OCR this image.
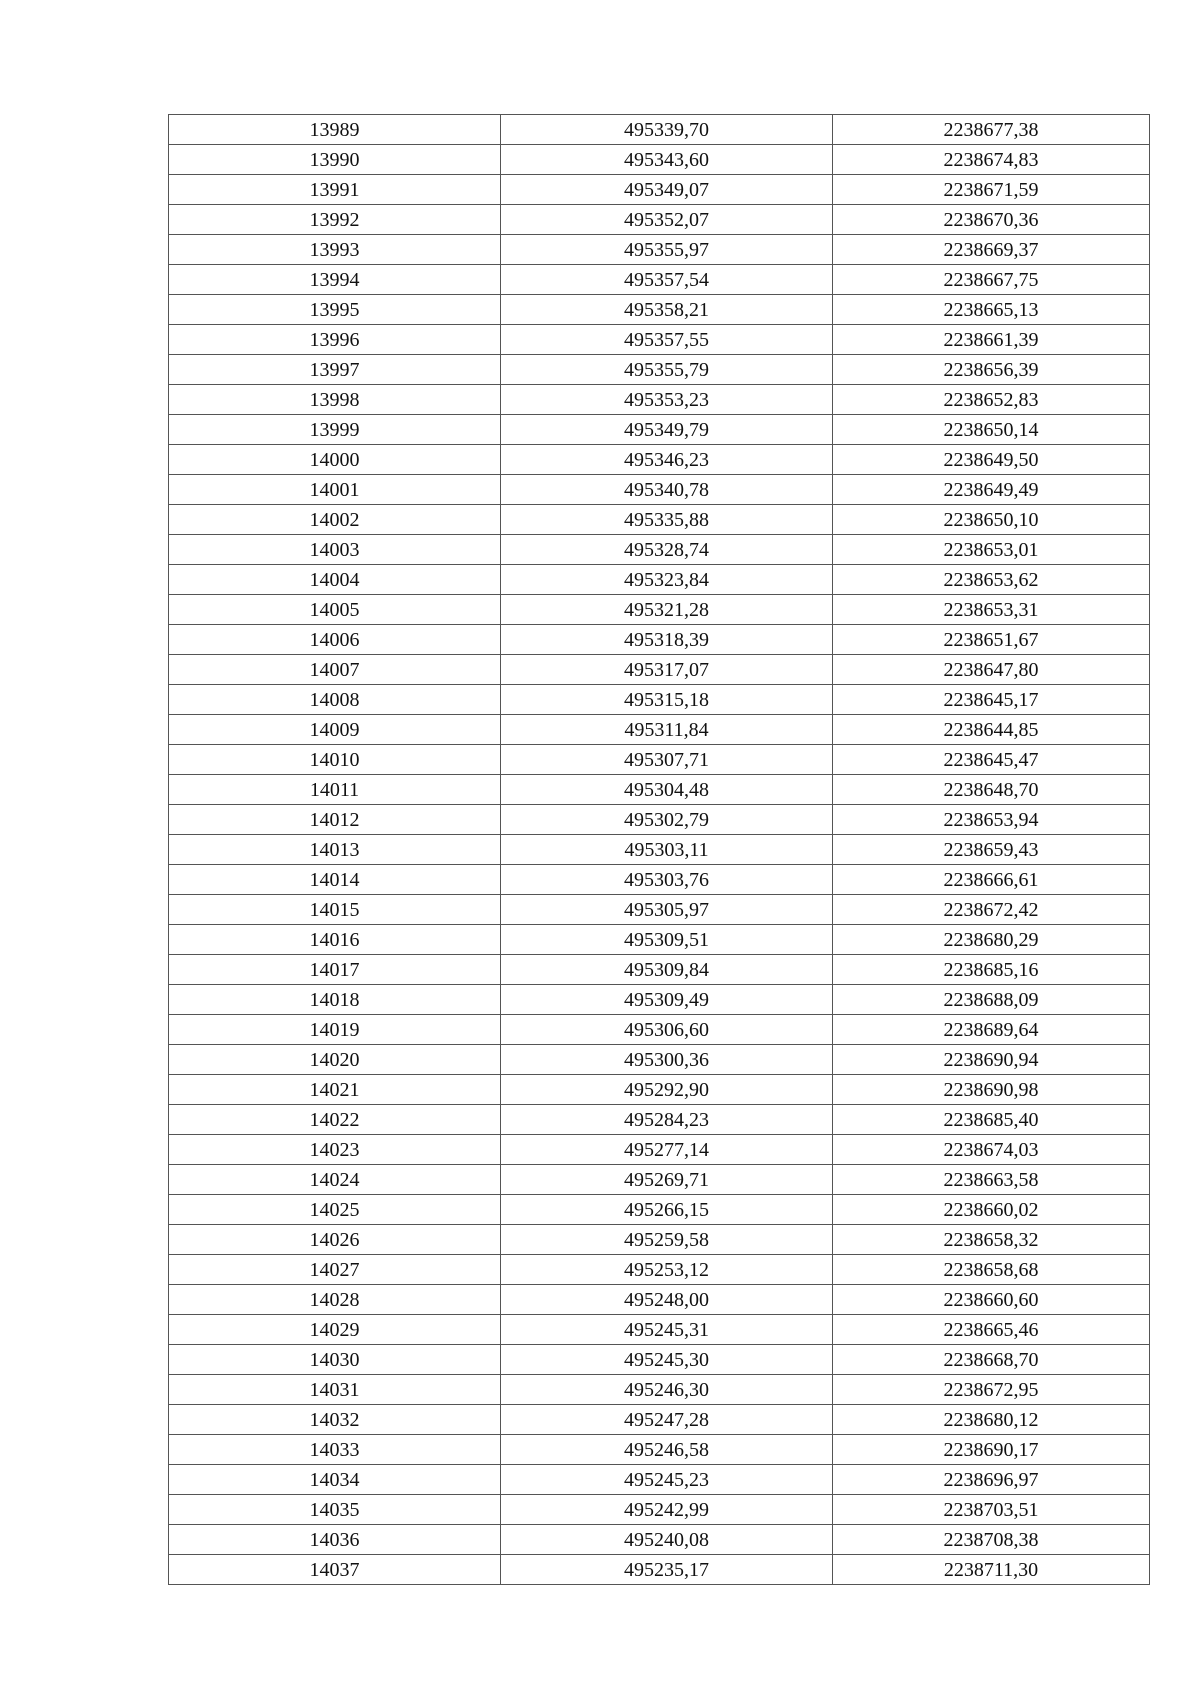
13989	495339,70	2238677,38
13990	495343,60	2238674,83
13991	495349,07	2238671,59
13992	495352,07	2238670,36
13993	495355,97	2238669,37
13994	495357,54	2238667,75
13995	495358,21	2238665,13
13996	495357,55	2238661,39
13997	495355,79	2238656,39
13998	495353,23	2238652,83
13999	495349,79	2238650,14
14000	495346,23	2238649,50
14001	495340,78	2238649,49
14002	495335,88	2238650,10
14003	495328,74	2238653,01
14004	495323,84	2238653,62
14005	495321,28	2238653,31
14006	495318,39	2238651,67
14007	495317,07	2238647,80
14008	495315,18	2238645,17
14009	495311,84	2238644,85
14010	495307,71	2238645,47
14011	495304,48	2238648,70
14012	495302,79	2238653,94
14013	495303,11	2238659,43
14014	495303,76	2238666,61
14015	495305,97	2238672,42
14016	495309,51	2238680,29
14017	495309,84	2238685,16
14018	495309,49	2238688,09
14019	495306,60	2238689,64
14020	495300,36	2238690,94
14021	495292,90	2238690,98
14022	495284,23	2238685,40
14023	495277,14	2238674,03
14024	495269,71	2238663,58
14025	495266,15	2238660,02
14026	495259,58	2238658,32
14027	495253,12	2238658,68
14028	495248,00	2238660,60
14029	495245,31	2238665,46
14030	495245,30	2238668,70
14031	495246,30	2238672,95
14032	495247,28	2238680,12
14033	495246,58	2238690,17
14034	495245,23	2238696,97
14035	495242,99	2238703,51
14036	495240,08	2238708,38
14037	495235,17	2238711,30
